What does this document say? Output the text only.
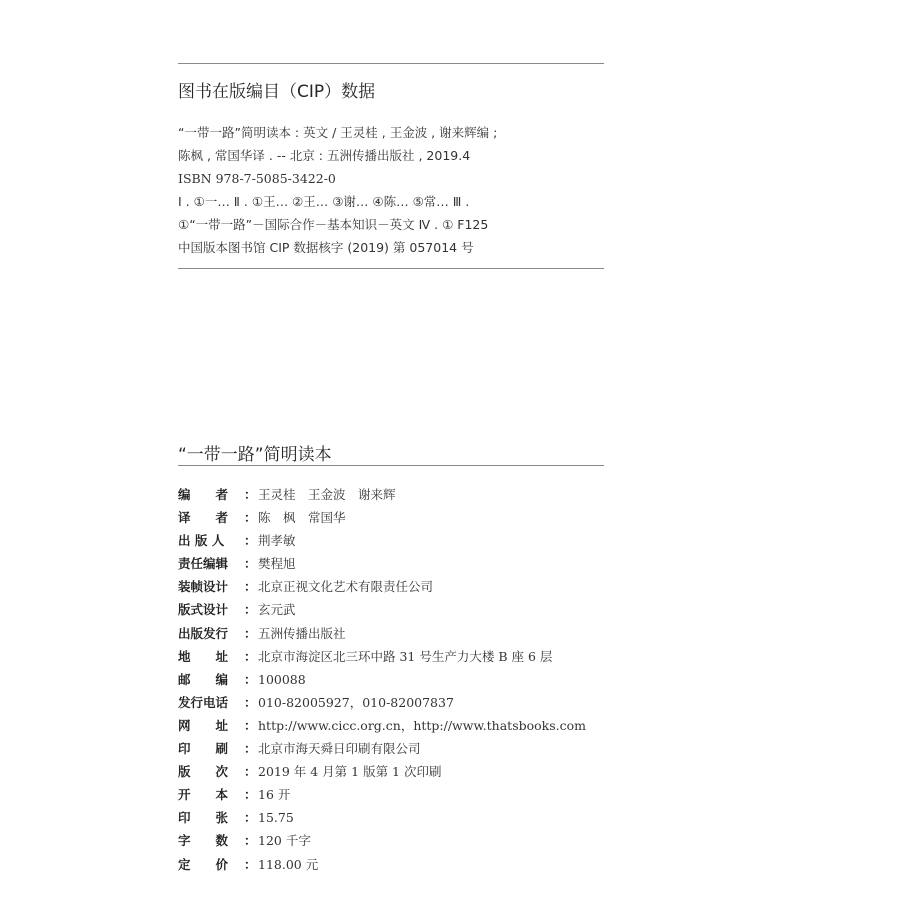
图书在版编目（CIP）数据
“一带一路”简明读本 : 英文 / 王灵桂 , 王金波 , 谢来辉编 ;
陈枫 , 常国华译 . -- 北京 : 五洲传播出版社 , 2019.4
ISBN 978-7-5085-3422-0
Ⅰ . ①一… Ⅱ . ①王… ②王… ③谢… ④陈… ⑤常… Ⅲ .
①“一带一路”－国际合作－基本知识－英文 Ⅳ . ① F125
中国版本图书馆 CIP 数据核字 (2019) 第 057014 号
“一带一路”简明读本
编　　者	： 王灵桂　王金波　谢来辉
译　　者	： 陈　枫　常国华
出 版 人	： 荆孝敏
责任编辑	： 樊程旭
装帧设计	： 北京正视文化艺术有限责任公司
版式设计	： 玄元武
出版发行	： 五洲传播出版社
地　　址	： 北京市海淀区北三环中路 31 号生产力大楼 B 座 6 层
邮　　编	： 100088
发行电话	： 010-82005927，010-82007837
网　　址	： http://www.cicc.org.cn，http://www.thatsbooks.com
印　　刷	： 北京市海天舜日印刷有限公司
版　　次	： 2019 年 4 月第 1 版第 1 次印刷
开　　本	： 16 开
印　　张	： 15.75
字　　数	： 120 千字
定　　价	： 118.00 元
